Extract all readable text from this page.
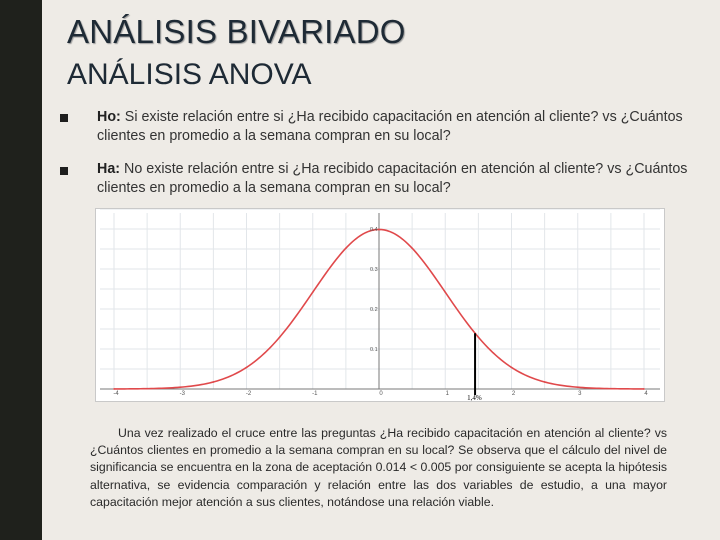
ANÁLISIS BIVARIADO
ANÁLISIS ANOVA
Ho: Si existe relación entre si ¿Ha recibido capacitación en atención al cliente? vs ¿Cuántos clientes en promedio a la semana compran en su local?
Ha: No existe relación entre si ¿Ha recibido capacitación en atención al cliente? vs ¿Cuántos clientes en promedio a la semana compran en su local?
-4	-3	-2	-1	0	1	2	3	4
0.1
0.2
0.3
0.4
1,4%
Una vez realizado el cruce entre las preguntas ¿Ha recibido capacitación en atención al cliente? vs ¿Cuántos clientes en promedio a la semana compran en su local? Se observa que el cálculo del nivel de significancia se encuentra en la zona de aceptación 0.014 < 0.005 por consiguiente se acepta la hipótesis alternativa, se evidencia comparación y relación entre las dos variables de estudio, a una mayor capacitación mejor atención a sus clientes, notándose una relación viable.
